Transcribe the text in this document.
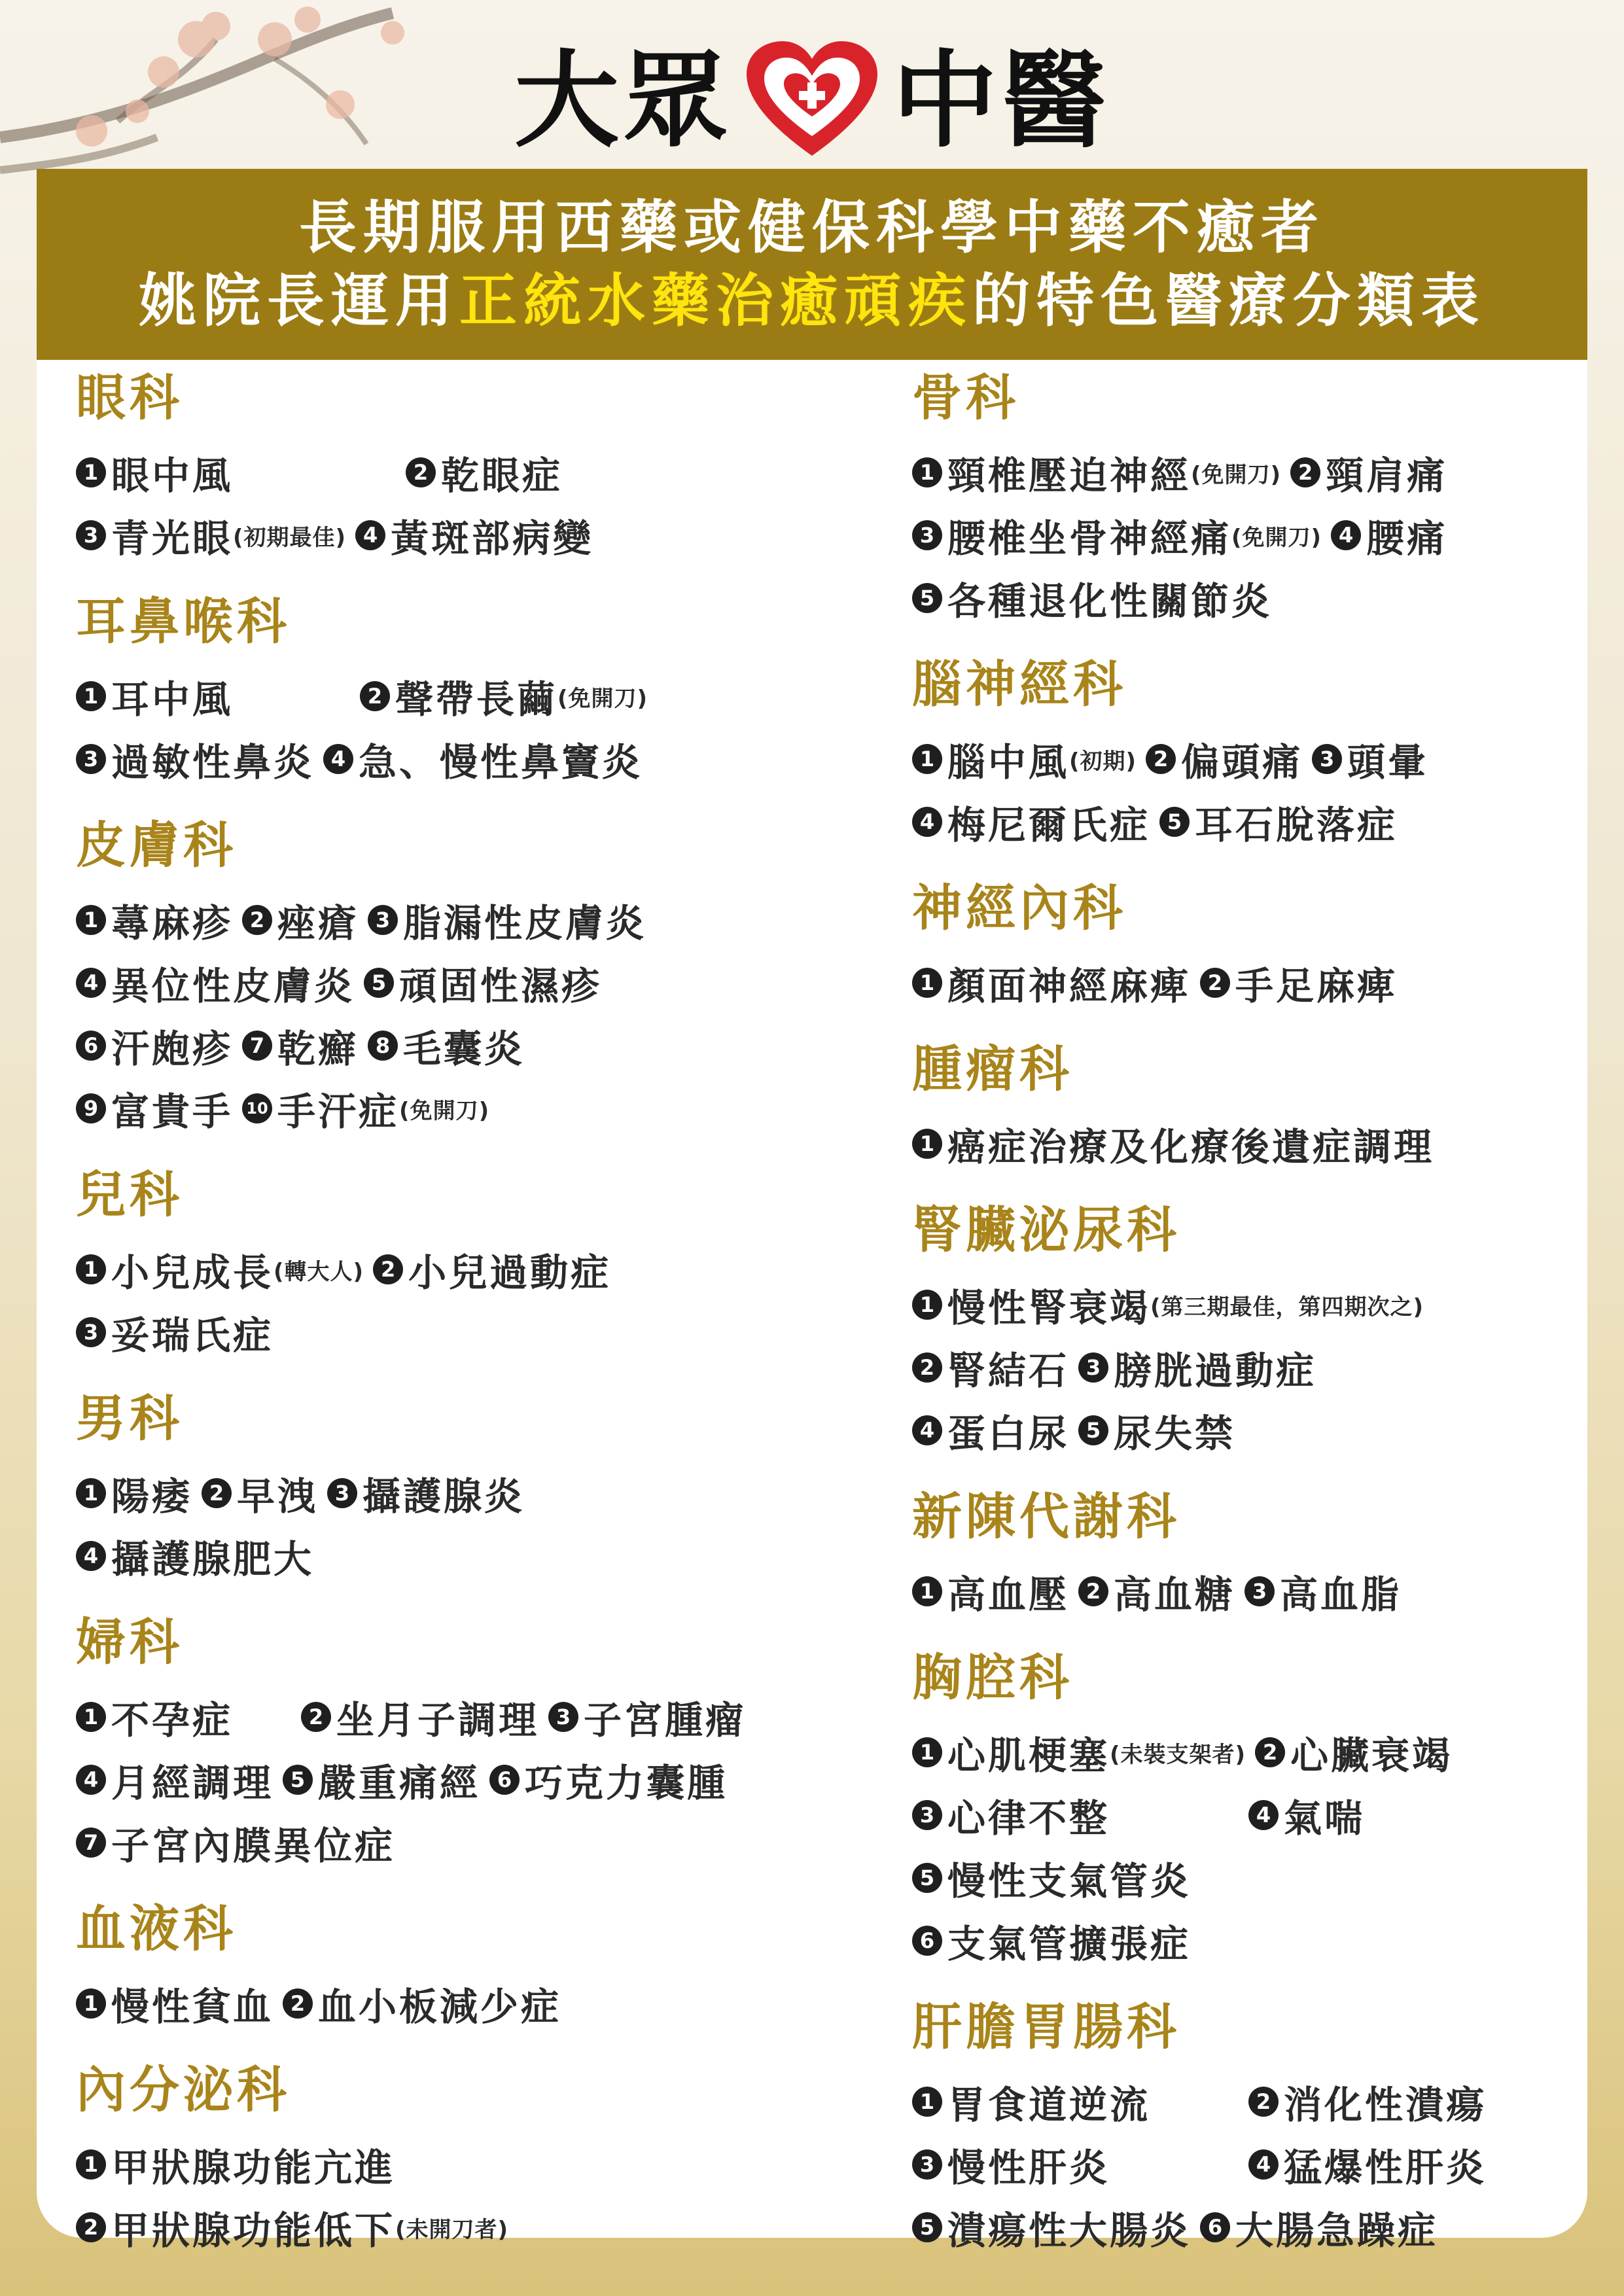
大眾 中醫
長期服用西藥或健保科學中藥不癒者
姚院長運用正統水藥治癒頑疾的特色醫療分類表
眼科
1 眼中風	2 乾眼症
3 青光眼 (初期最佳) 4 黃斑部病變
耳鼻喉科
1 耳中風	2 聲帶長繭 (免開刀)
3 過敏性鼻炎 4 急、慢性鼻竇炎
皮膚科
1 蕁麻疹 2 痤瘡 3 脂漏性皮膚炎
4 異位性皮膚炎 5 頑固性濕疹
6 汗皰疹 7 乾癬 8 毛囊炎
9 富貴手 10 手汗症 (免開刀)
兒科
1 小兒成長 (轉大人) 2 小兒過動症
3 妥瑞氏症
男科
1 陽痿 2 早洩 3 攝護腺炎
4 攝護腺肥大
婦科
1 不孕症	2 坐月子調理 3 子宮腫瘤
4 月經調理 5 嚴重痛經 6 巧克力囊腫
7 子宮內膜異位症
血液科
1 慢性貧血 2 血小板減少症
內分泌科
1 甲狀腺功能亢進
2 甲狀腺功能低下 (未開刀者)
骨科
1 頸椎壓迫神經 (免開刀) 2 頸肩痛
3 腰椎坐骨神經痛 (免開刀) 4 腰痛
5 各種退化性關節炎
腦神經科
1 腦中風 (初期) 2 偏頭痛 3 頭暈
4 梅尼爾氏症 5 耳石脫落症
神經內科
1 顏面神經麻痺 2 手足麻痺
腫瘤科
1 癌症治療及化療後遺症調理
腎臟泌尿科
1 慢性腎衰竭 (第三期最佳，第四期次之)
2 腎結石 3 膀胱過動症
4 蛋白尿 5 尿失禁
新陳代謝科
1 高血壓 2 高血糖 3 高血脂
胸腔科
1 心肌梗塞 (未裝支架者) 2 心臟衰竭
3 心律不整	4 氣喘
5 慢性支氣管炎
6 支氣管擴張症
肝膽胃腸科
1 胃食道逆流	2 消化性潰瘍
3 慢性肝炎	4 猛爆性肝炎
5 潰瘍性大腸炎 6 大腸急躁症
